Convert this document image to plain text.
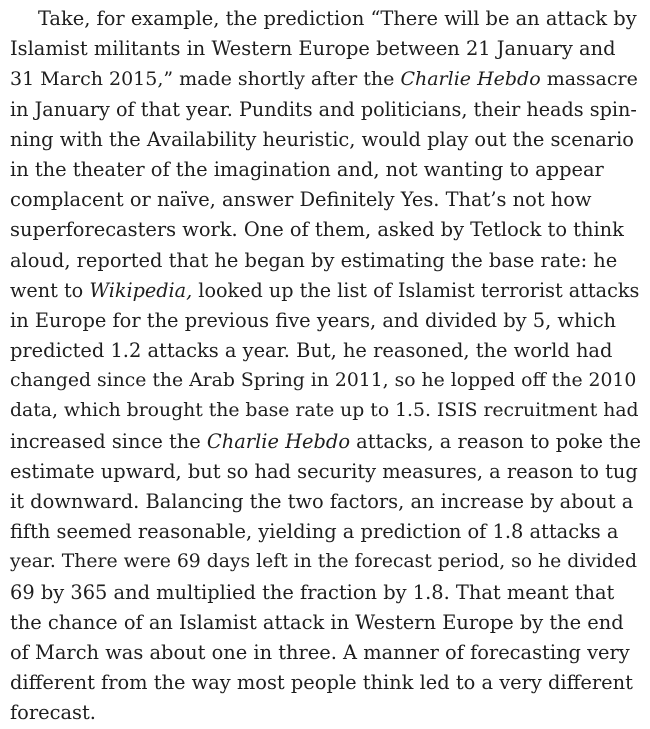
Take, for example, the prediction “There will be an attack by
Islamist militants in Western Europe between 21 January and
31 March 2015,” made shortly after the Charlie Hebdo massacre
in January of that year. Pundits and politicians, their heads spin-
ning with the Availability heuristic, would play out the scenario
in the theater of the imagination and, not wanting to appear
complacent or naïve, answer Definitely Yes. That’s not how
superforecasters work. One of them, asked by Tetlock to think
aloud, reported that he began by estimating the base rate: he
went to Wikipedia, looked up the list of Islamist terrorist attacks
in Europe for the previous five years, and divided by 5, which
predicted 1.2 attacks a year. But, he reasoned, the world had
changed since the Arab Spring in 2011, so he lopped off the 2010
data, which brought the base rate up to 1.5. ISIS recruitment had
increased since the Charlie Hebdo attacks, a reason to poke the
estimate upward, but so had security measures, a reason to tug
it downward. Balancing the two factors, an increase by about a
fifth seemed reasonable, yielding a prediction of 1.8 attacks a
year. There were 69 days left in the forecast period, so he divided
69 by 365 and multiplied the fraction by 1.8. That meant that
the chance of an Islamist attack in Western Europe by the end
of March was about one in three. A manner of forecasting very
different from the way most people think led to a very different
forecast.
